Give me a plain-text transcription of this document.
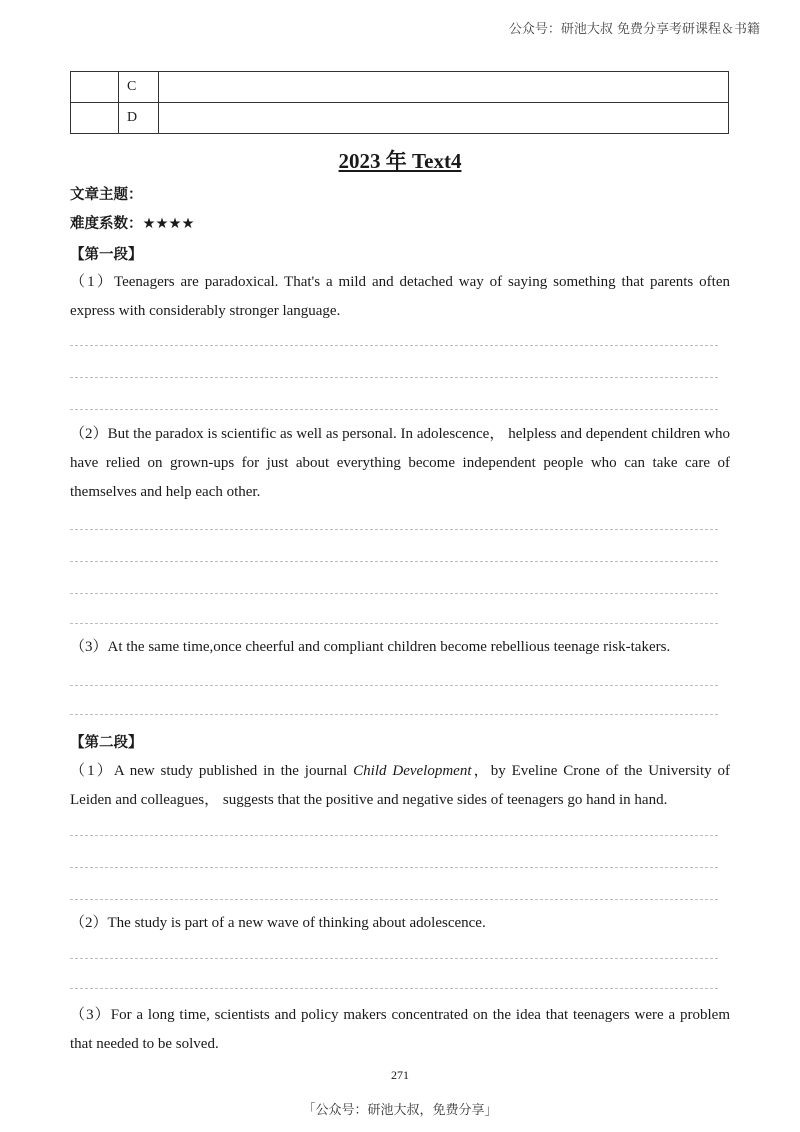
公众号：研池大叔 免费分享考研课程＆书籍
	C	
	D	
2023 年 Text4
文章主题：
难度系数：★★★★
【第一段】

（1）Teenagers are paradoxical. That's a mild and detached way of saying something that parents often express with considerably stronger language.

（2）But the paradox is scientific as well as personal. In adolescence， helpless and dependent children who have relied on grown-ups for just about everything become independent people who can take care of themselves and help each other.

（3）At the same time,once cheerful and compliant children become rebellious teenage risk-takers.

【第二段】

（1）A new study published in the journal Child Development，by Eveline Crone of the University of Leiden and colleagues， suggests that the positive and negative sides of teenagers go hand in hand.

（2）The study is part of a new wave of thinking about adolescence.

（3）For a long time, scientists and policy makers concentrated on the idea that teenagers were a problem that needed to be solved.

271
「公众号：研池大叔，免费分享」
